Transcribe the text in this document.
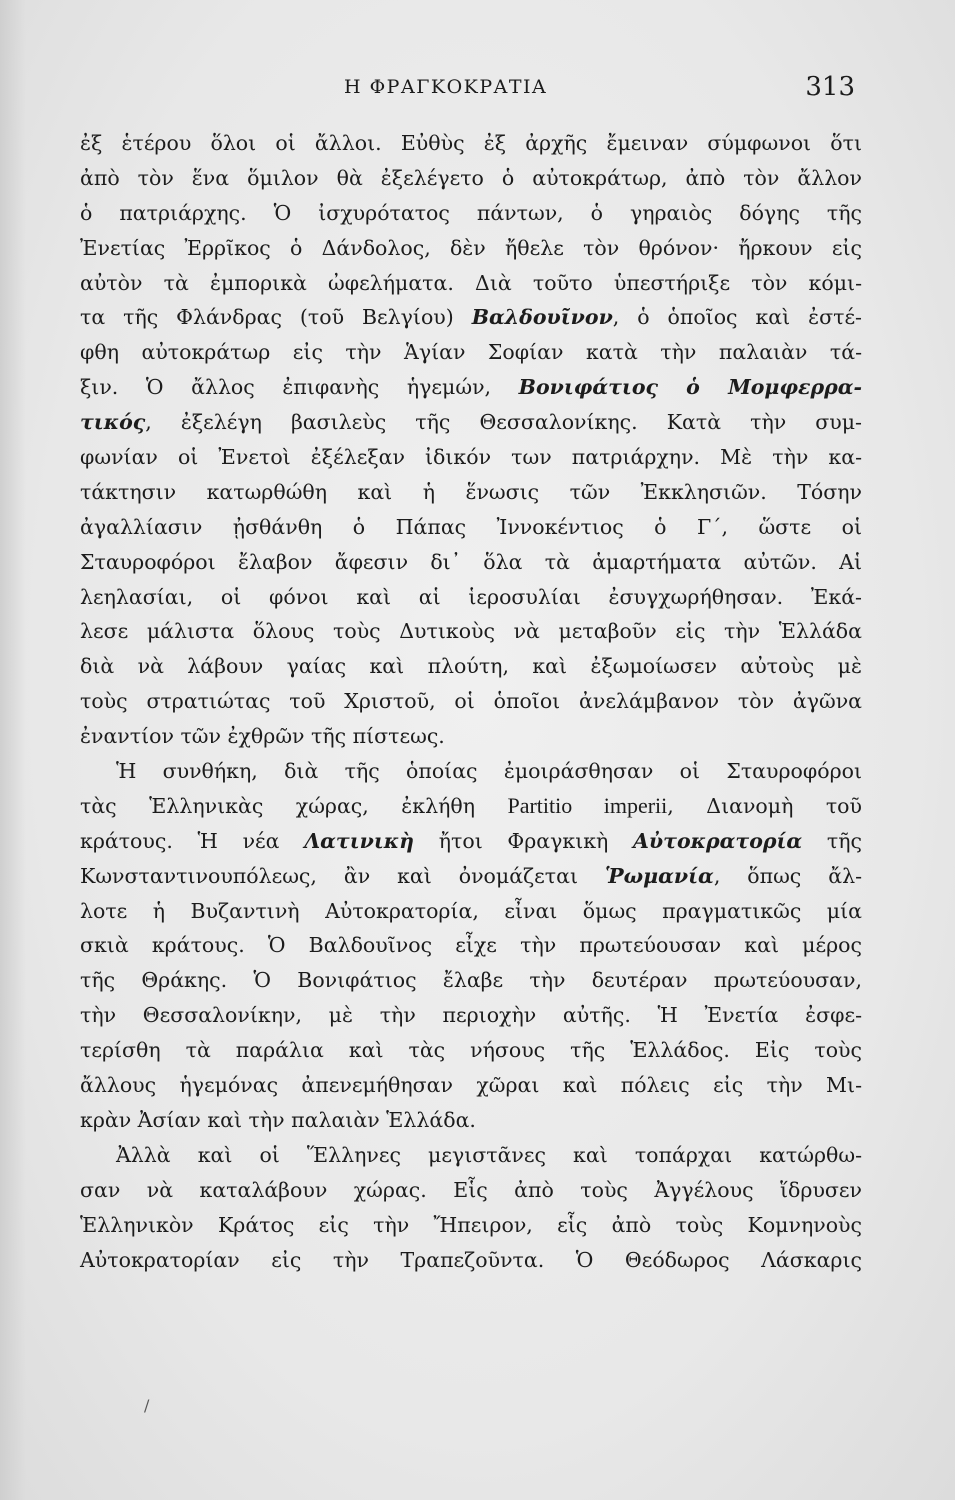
Η ΦΡΑΓΚΟΚΡΑΤΙΑ	313
ἐξ ἑτέρου ὅλοι οἱ ἄλλοι. Εὐθὺς ἐξ ἀρχῆς ἔμειναν σύμφωνοι ὅτι
ἀπὸ τὸν ἕνα ὅμιλον θὰ ἐξελέγετο ὁ αὐτοκράτωρ, ἀπὸ τὸν ἄλλον
ὁ πατριάρχης. Ὁ ἰσχυρότατος πάντων, ὁ γηραιὸς δόγης τῆς
Ἐνετίας Ἐρρῖκος ὁ Δάνδολος, δὲν ἤθελε τὸν θρόνον· ἤρκουν εἰς
αὐτὸν τὰ ἐμπορικὰ ὠφελήματα. Διὰ τοῦτο ὑπεστήριξε τὸν κόμι-
τα τῆς Φλάνδρας (τοῦ Βελγίου) Βαλδουῖνον, ὁ ὁποῖος καὶ ἐστέ-
φθη αὐτοκράτωρ εἰς τὴν Ἁγίαν Σοφίαν κατὰ τὴν παλαιὰν τά-
ξιν. Ὁ ἄλλος ἐπιφανὴς ἡγεμών, Βονιφάτιος ὁ Μομφερρα-
τικός, ἐξελέγη βασιλεὺς τῆς Θεσσαλονίκης. Κατὰ τὴν συμ-
φωνίαν οἱ Ἐνετοὶ ἐξέλεξαν ἰδικόν των πατριάρχην. Μὲ τὴν κα-
τάκτησιν κατωρθώθη καὶ ἡ ἕνωσις τῶν Ἐκκλησιῶν. Τόσην
ἀγαλλίασιν ᾐσθάνθη ὁ Πάπας Ἰννοκέντιος ὁ Γ΄, ὥστε οἱ
Σταυροφόροι ἔλαβον ἄφεσιν δι᾽ ὅλα τὰ ἁμαρτήματα αὐτῶν. Αἱ
λεηλασίαι, οἱ φόνοι καὶ αἱ ἱεροσυλίαι ἐσυγχωρήθησαν. Ἐκά-
λεσε μάλιστα ὅλους τοὺς Δυτικοὺς νὰ μεταβοῦν εἰς τὴν Ἑλλάδα
διὰ νὰ λάβουν γαίας καὶ πλούτη, καὶ ἐξωμοίωσεν αὐτοὺς μὲ
τοὺς στρατιώτας τοῦ Χριστοῦ, οἱ ὁποῖοι ἀνελάμβανον τὸν ἀγῶνα
ἐναντίον τῶν ἐχθρῶν τῆς πίστεως.
Ἡ συνθήκη, διὰ τῆς ὁποίας ἐμοιράσθησαν οἱ Σταυροφόροι
τὰς Ἑλληνικὰς χώρας, ἐκλήθη Partitio imperii, Διανομὴ τοῦ
κράτους. Ἡ νέα Λατινικὴ ἤτοι Φραγκικὴ Αὐτοκρατορία τῆς
Κωνσταντινουπόλεως, ἂν καὶ ὀνομάζεται Ῥωμανία, ὅπως ἄλ-
λοτε ἡ Βυζαντινὴ Αὐτοκρατορία, εἶναι ὅμως πραγματικῶς μία
σκιὰ κράτους. Ὁ Βαλδουῖνος εἶχε τὴν πρωτεύουσαν καὶ μέρος
τῆς Θράκης. Ὁ Βονιφάτιος ἔλαβε τὴν δευτέραν πρωτεύουσαν,
τὴν Θεσσαλονίκην, μὲ τὴν περιοχὴν αὐτῆς. Ἡ Ἐνετία ἐσφε-
τερίσθη τὰ παράλια καὶ τὰς νήσους τῆς Ἑλλάδος. Εἰς τοὺς
ἄλλους ἡγεμόνας ἀπενεμήθησαν χῶραι καὶ πόλεις εἰς τὴν Μι-
κρὰν Ἀσίαν καὶ τὴν παλαιὰν Ἑλλάδα.
Ἀλλὰ καὶ οἱ Ἕλληνες μεγιστᾶνες καὶ τοπάρχαι κατώρθω-
σαν νὰ καταλάβουν χώρας. Εἷς ἀπὸ τοὺς Ἀγγέλους ἵδρυσεν
Ἑλληνικὸν Κράτος εἰς τὴν Ἤπειρον, εἷς ἀπὸ τοὺς Κομνηνοὺς
Αὐτοκρατορίαν εἰς τὴν Τραπεζοῦντα. Ὁ Θεόδωρος Λάσκαρις
/
